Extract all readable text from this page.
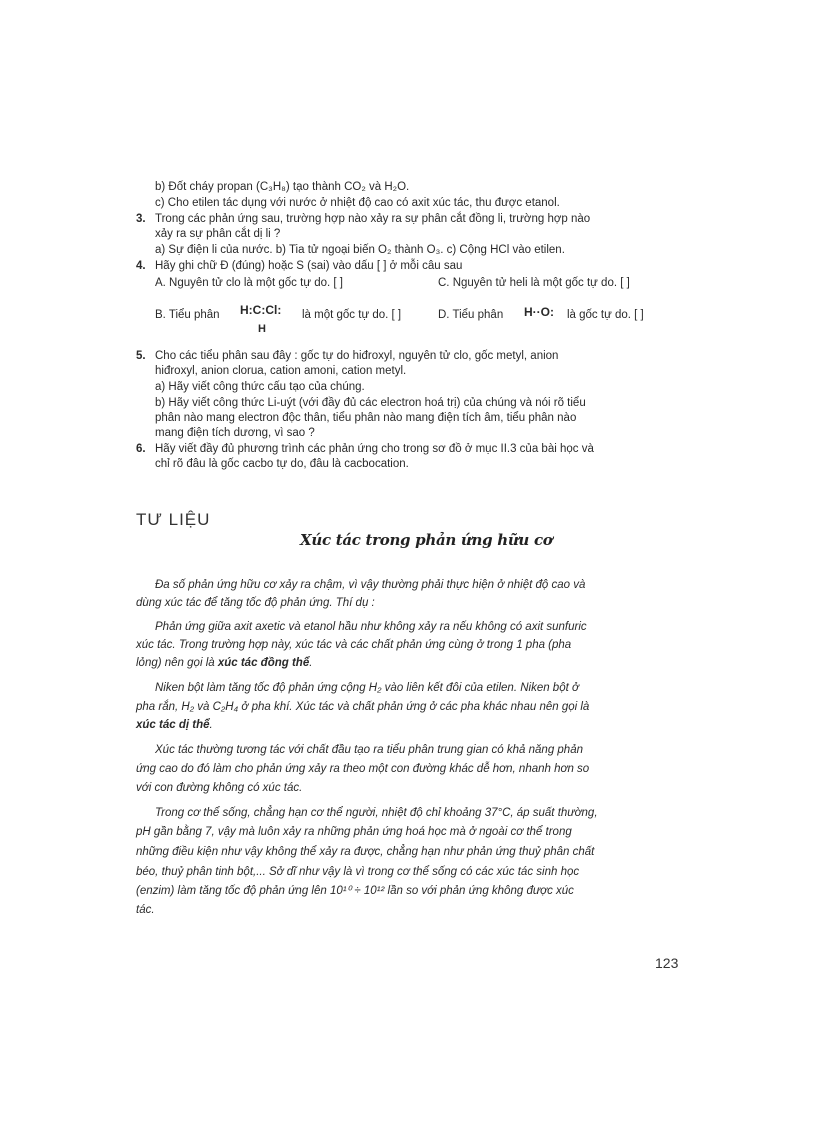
b) Đốt cháy propan (C₃H₈) tạo thành CO₂ và H₂O.
c) Cho etilen tác dụng với nước ở nhiệt độ cao có axit xúc tác, thu được etanol.
3. Trong các phản ứng sau, trường hợp nào xảy ra sự phân cắt đồng li, trường hợp nào
xảy ra sự phân cắt dị li ?
a) Sự điện li của nước. b) Tia tử ngoại biến O₂ thành O₃. c) Cộng HCl vào etilen.
4. Hãy ghi chữ Đ (đúng) hoặc S (sai) vào dấu [ ] ở mỗi câu sau
A. Nguyên tử clo là một gốc tự do. [ ]	C. Nguyên tử heli là một gốc tự do. [ ]
B. Tiểu phân H:C:Cl:
H
là một gốc tự do. [ ]	D. Tiểu phân H··O: là gốc tự do. [ ]
5. Cho các tiểu phân sau đây : gốc tự do hiđroxyl, nguyên tử clo, gốc metyl, anion
hiđroxyl, anion clorua, cation amoni, cation metyl.
a) Hãy viết công thức cấu tạo của chúng.
b) Hãy viết công thức Li-uýt (với đầy đủ các electron hoá trị) của chúng và nói rõ tiểu
phân nào mang electron độc thân, tiểu phân nào mang điện tích âm, tiểu phân nào
mang điện tích dương, vì sao ?
6. Hãy viết đầy đủ phương trình các phản ứng cho trong sơ đồ ở mục II.3 của bài học và
chỉ rõ đâu là gốc cacbo tự do, đâu là cacbocation.
TƯ LIỆU
Xúc tác trong phản ứng hữu cơ
Đa số phản ứng hữu cơ xảy ra chậm, vì vậy thường phải thực hiện ở nhiệt độ cao và
dùng xúc tác để tăng tốc độ phản ứng. Thí dụ :
Phản ứng giữa axit axetic và etanol hầu như không xảy ra nếu không có axit sunfuric
xúc tác. Trong trường hợp này, xúc tác và các chất phản ứng cùng ở trong 1 pha (pha
lỏng) nên gọi là xúc tác đồng thể.
Niken bột làm tăng tốc độ phản ứng cộng H₂ vào liên kết đôi của etilen. Niken bột ở
pha rắn, H₂ và C₂H₄ ở pha khí. Xúc tác và chất phản ứng ở các pha khác nhau nên gọi là
xúc tác dị thể.
Xúc tác thường tương tác với chất đầu tạo ra tiểu phân trung gian có khả năng phản
ứng cao do đó làm cho phản ứng xảy ra theo một con đường khác dễ hơn, nhanh hơn so
với con đường không có xúc tác.
Trong cơ thể sống, chẳng hạn cơ thể người, nhiệt độ chỉ khoảng 37°C, áp suất thường,
pH gần bằng 7, vậy mà luôn xảy ra những phản ứng hoá học mà ở ngoài cơ thể trong
những điều kiện như vậy không thể xảy ra được, chẳng hạn như phản ứng thuỷ phân chất
béo, thuỷ phân tinh bột,... Sở dĩ như vậy là vì trong cơ thể sống có các xúc tác sinh học
(enzim) làm tăng tốc độ phản ứng lên 10¹⁰ ÷ 10¹² lần so với phản ứng không được xúc
tác.
123
